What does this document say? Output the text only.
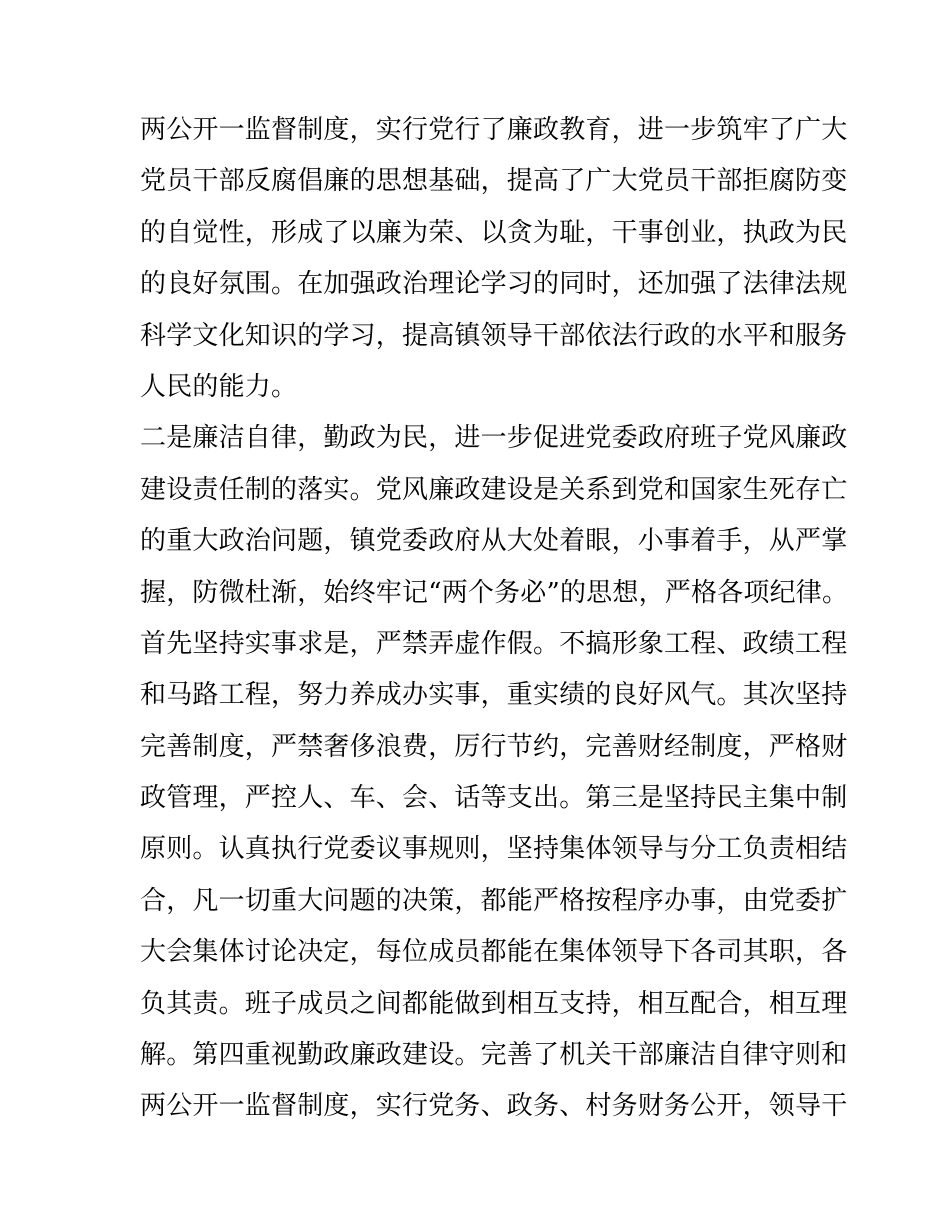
两公开一监督制度，实行党行了廉政教育，进一步筑牢了广大
党员干部反腐倡廉的思想基础，提高了广大党员干部拒腐防变
的自觉性，形成了以廉为荣、以贪为耻，干事创业，执政为民
的良好氛围。在加强政治理论学习的同时，还加强了法律法规
科学文化知识的学习，提高镇领导干部依法行政的水平和服务
人民的能力。
二是廉洁自律，勤政为民，进一步促进党委政府班子党风廉政
建设责任制的落实。党风廉政建设是关系到党和国家生死存亡
的重大政治问题，镇党委政府从大处着眼，小事着手，从严掌
握，防微杜渐，始终牢记“两个务必”的思想，严格各项纪律。
首先坚持实事求是，严禁弄虚作假。不搞形象工程、政绩工程
和马路工程，努力养成办实事，重实绩的良好风气。其次坚持
完善制度，严禁奢侈浪费，厉行节约，完善财经制度，严格财
政管理，严控人、车、会、话等支出。第三是坚持民主集中制
原则。认真执行党委议事规则，坚持集体领导与分工负责相结
合，凡一切重大问题的决策，都能严格按程序办事，由党委扩
大会集体讨论决定，每位成员都能在集体领导下各司其职，各
负其责。班子成员之间都能做到相互支持，相互配合，相互理
解。第四重视勤政廉政建设。完善了机关干部廉洁自律守则和
两公开一监督制度，实行党务、政务、村务财务公开，领导干
